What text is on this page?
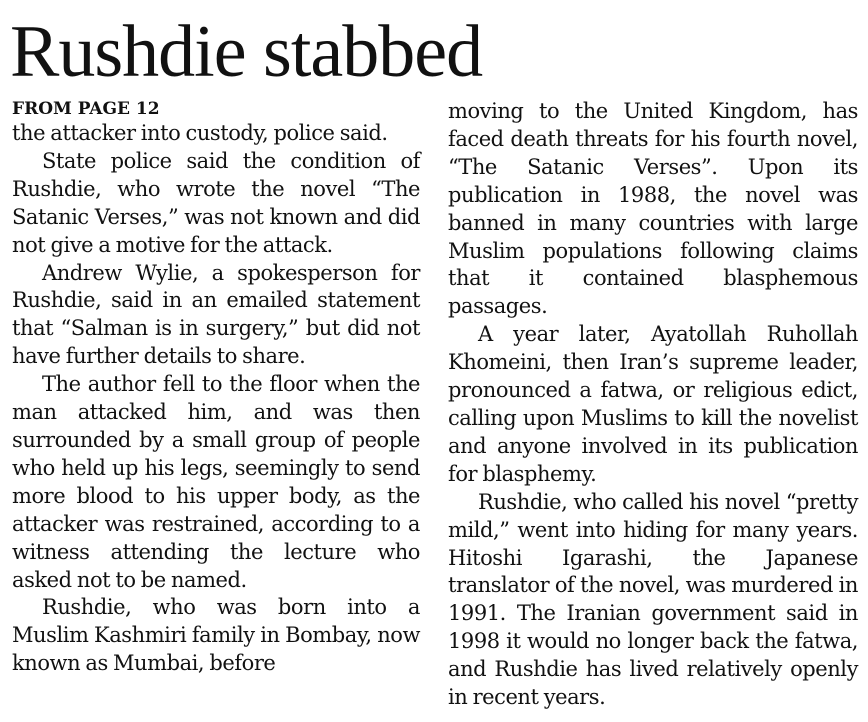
Rushdie stabbed
FROM PAGE 12

the attacker into custody, police said.

State police said the condition of Rushdie, who wrote the novel “The Satanic Verses,” was not known and did not give a motive for the attack.

Andrew Wylie, a spokesperson for Rushdie, said in an emailed statement that “Salman is in surgery,” but did not have further details to share.

The author fell to the floor when the man attacked him, and was then surrounded by a small group of people who held up his legs, seemingly to send more blood to his upper body, as the attacker was restrained, according to a witness attending the lecture who asked not to be named.

Rushdie, who was born into a Muslim Kashmiri family in Bombay, now known as Mumbai, before

moving to the United Kingdom, has faced death threats for his fourth novel, “The Satanic Verses”. Upon its publication in 1988, the novel was banned in many countries with large Muslim populations following claims that it contained blasphemous passages.

A year later, Ayatollah Ruhollah Khomeini, then Iran’s supreme leader, pronounced a fatwa, or religious edict, calling upon Muslims to kill the novelist and anyone involved in its publication for blasphemy.

Rushdie, who called his novel “pretty mild,” went into hiding for many years. Hitoshi Igarashi, the Japanese translator of the novel, was murdered in 1991. The Iranian government said in 1998 it would no longer back the fatwa, and Rushdie has lived relatively openly in recent years.
